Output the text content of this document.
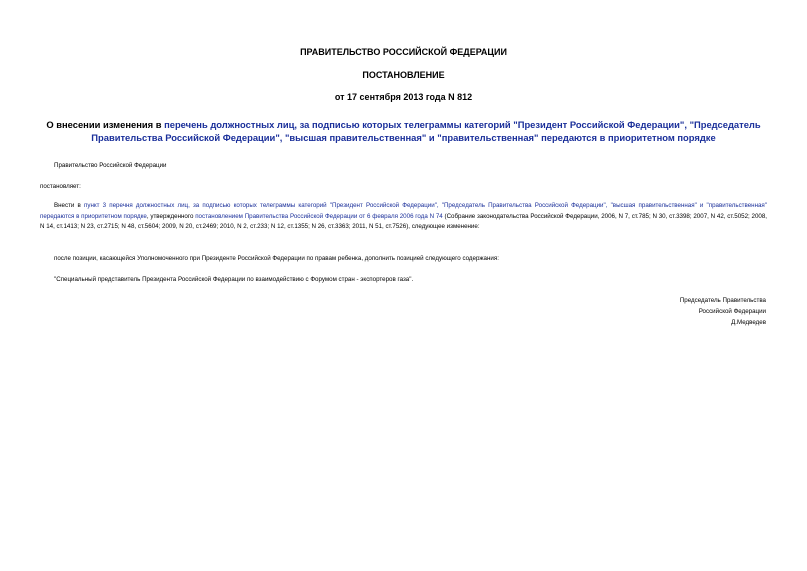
ПРАВИТЕЛЬСТВО РОССИЙСКОЙ ФЕДЕРАЦИИ
ПОСТАНОВЛЕНИЕ
от 17 сентября 2013 года N 812
О внесении изменения в перечень должностных лиц, за подписью которых телеграммы категорий "Президент Российской Федерации", "Председатель Правительства Российской Федерации", "высшая правительственная" и "правительственная" передаются в приоритетном порядке
Правительство Российской Федерации
постановляет:
Внести в пункт 3 перечня должностных лиц, за подписью которых телеграммы категорий "Президент Российской Федерации", "Председатель Правительства Российской Федерации", "высшая правительственная" и "правительственная" передаются в приоритетном порядке, утвержденного постановлением Правительства Российской Федерации от 6 февраля 2006 года N 74 (Собрание законодательства Российской Федерации, 2006, N 7, ст.785; N 30, ст.3398; 2007, N 42, ст.5052; 2008, N 14, ст.1413; N 23, ст.2715; N 48, ст.5604; 2009, N 20, ст.2469; 2010, N 2, ст.233; N 12, ст.1355; N 26, ст.3363; 2011, N 51, ст.7526), следующее изменение:
после позиции, касающейся Уполномоченного при Президенте Российской Федерации по правам ребенка, дополнить позицией следующего содержания:
"Специальный представитель Президента Российской Федерации по взаимодействию с Форумом стран - экспортеров газа".
Председатель Правительства
Российской Федерации
Д.Медведев
